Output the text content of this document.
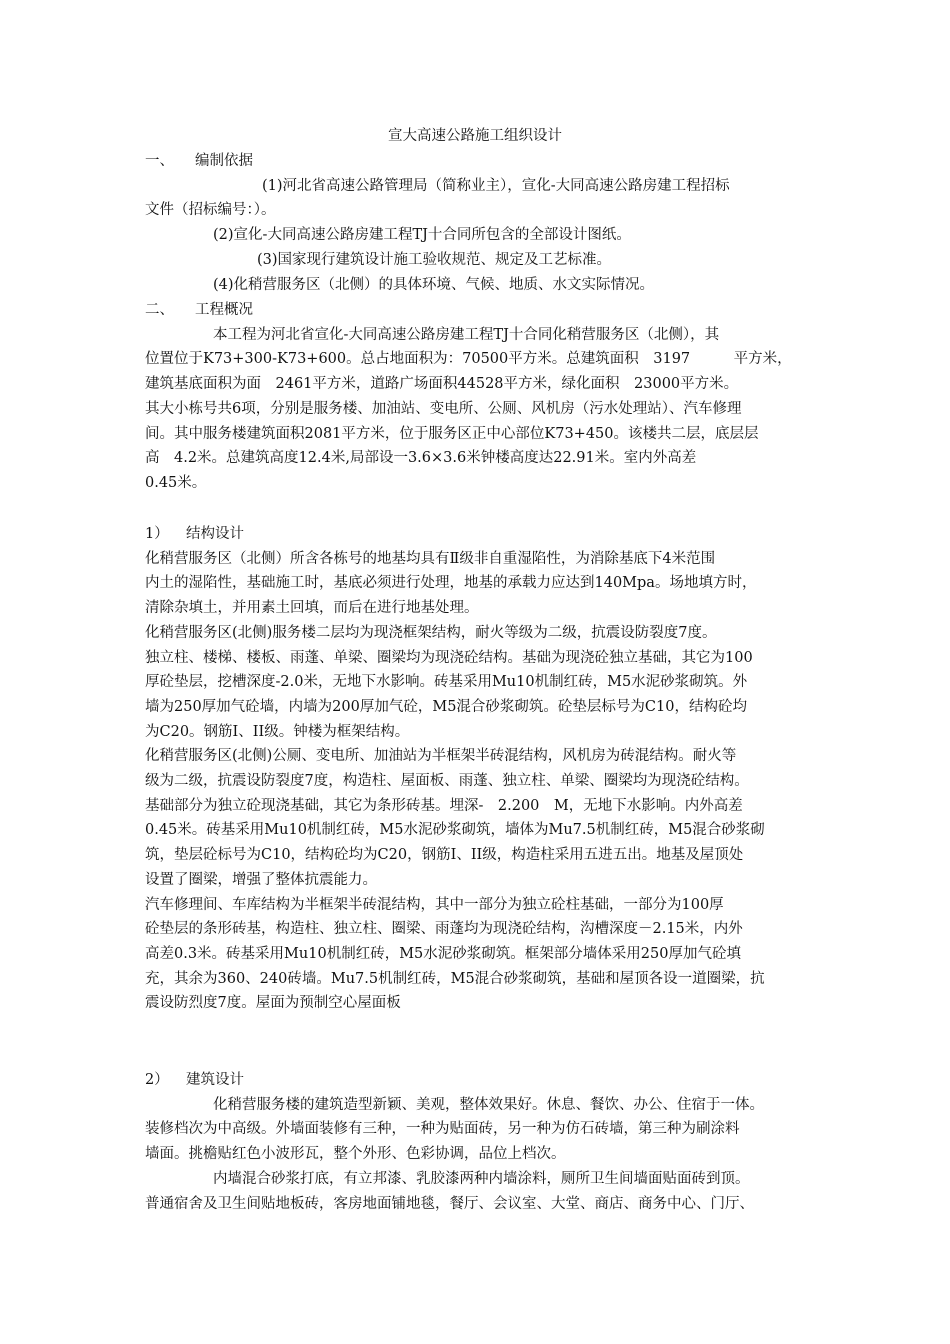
宣大高速公路施工组织设计
一、 编制依据
(1)河北省高速公路管理局（简称业主），宣化-大同高速公路房建工程招标
文件（招标编号：）。
(2)宣化-大同高速公路房建工程TJ十合同所包含的全部设计图纸。
(3)国家现行建筑设计施工验收规范、规定及工艺标准。
(4)化稍营服务区（北侧）的具体环境、气候、地质、水文实际情况。
二、 工程概况
本工程为河北省宣化-大同高速公路房建工程TJ十合同化稍营服务区（北侧），其
位置位于K73+300-K73+600。总占地面积为：70500平方米。总建筑面积　3197　　　平方米，
建筑基底面积为面　2461平方米，道路广场面积44528平方米，绿化面积　23000平方米。
其大小栋号共6项，分别是服务楼、加油站、变电所、公厕、风机房（污水处理站）、汽车修理
间。其中服务楼建筑面积2081平方米，位于服务区正中心部位K73+450。该楼共二层，底层层
高　4.2米。总建筑高度12.4米,局部设一3.6×3.6米钟楼高度达22.91米。室内外高差
0.45米。
1） 结构设计
化稍营服务区（北侧）所含各栋号的地基均具有Ⅱ级非自重湿陷性，为消除基底下4米范围
内土的湿陷性，基础施工时，基底必须进行处理，地基的承载力应达到140Mpa。场地填方时，
清除杂填土，并用素土回填，而后在进行地基处理。
化稍营服务区(北侧)服务楼二层均为现浇框架结构，耐火等级为二级，抗震设防裂度7度。
独立柱、楼梯、楼板、雨蓬、单梁、圈梁均为现浇砼结构。基础为现浇砼独立基础，其它为100
厚砼垫层，挖槽深度-2.0米，无地下水影响。砖基采用Mu10机制红砖，M5水泥砂浆砌筑。外
墙为250厚加气砼墙，内墙为200厚加气砼，M5混合砂浆砌筑。砼垫层标号为C10，结构砼均
为C20。钢筋Ⅰ、II级。钟楼为框架结构。
化稍营服务区(北侧)公厕、变电所、加油站为半框架半砖混结构，风机房为砖混结构。耐火等
级为二级，抗震设防裂度7度，构造柱、屋面板、雨蓬、独立柱、单梁、圈梁均为现浇砼结构。
基础部分为独立砼现浇基础，其它为条形砖基。埋深-　2.200　M，无地下水影响。内外高差
0.45米。砖基采用Mu10机制红砖，M5水泥砂浆砌筑，墙体为Mu7.5机制红砖，M5混合砂浆砌
筑，垫层砼标号为C10，结构砼均为C20，钢筋Ⅰ、II级，构造柱采用五进五出。地基及屋顶处
设置了圈梁，增强了整体抗震能力。
汽车修理间、车库结构为半框架半砖混结构，其中一部分为独立砼柱基础，一部分为100厚
砼垫层的条形砖基，构造柱、独立柱、圈梁、雨蓬均为现浇砼结构，沟槽深度－2.15米，内外
高差0.3米。砖基采用Mu10机制红砖，M5水泥砂浆砌筑。框架部分墙体采用250厚加气砼填
充，其余为360、240砖墙。Mu7.5机制红砖，M5混合砂浆砌筑，基础和屋顶各设一道圈梁，抗
震设防烈度7度。屋面为预制空心屋面板
2） 建筑设计
化稍营服务楼的建筑造型新颖、美观，整体效果好。休息、餐饮、办公、住宿于一体。
装修档次为中高级。外墙面装修有三种，一种为贴面砖，另一种为仿石砖墙，第三种为刷涂料
墙面。挑檐贴红色小波形瓦，整个外形、色彩协调，品位上档次。
内墙混合砂浆打底，有立邦漆、乳胶漆两种内墙涂料，厕所卫生间墙面贴面砖到顶。
普通宿舍及卫生间贴地板砖，客房地面铺地毯，餐厅、会议室、大堂、商店、商务中心、门厅、
